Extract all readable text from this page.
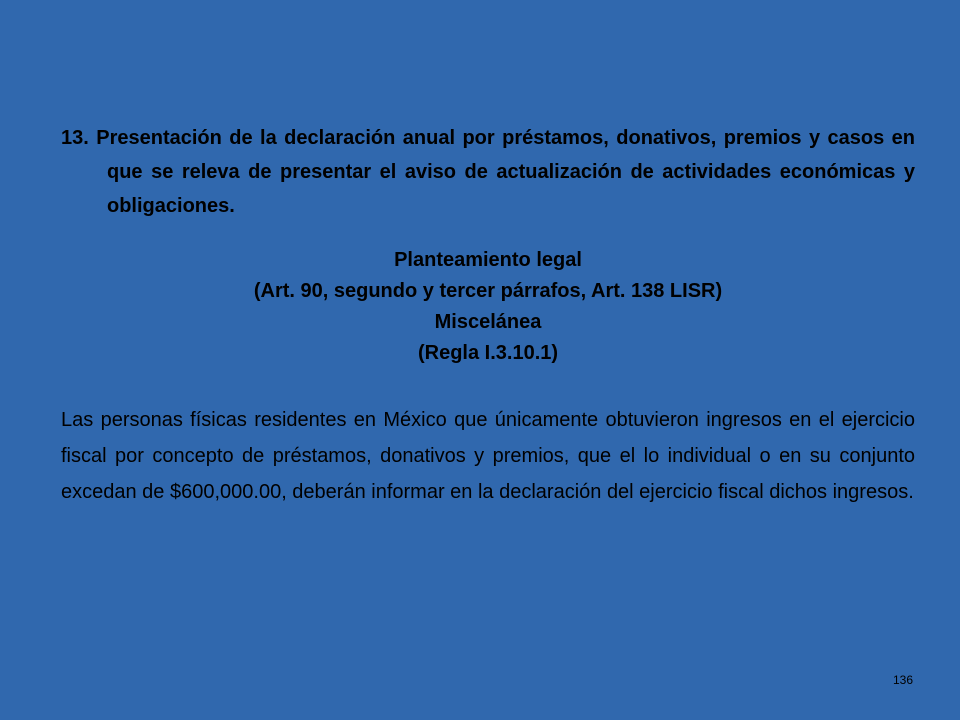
13. Presentación de la declaración anual por préstamos, donativos, premios y casos en que se releva de presentar el aviso de actualización de actividades económicas y obligaciones.

Planteamiento legal
(Art. 90, segundo y tercer párrafos, Art. 138 LISR)
Miscelánea
(Regla I.3.10.1)

Las personas físicas residentes en México que únicamente obtuvieron ingresos en el ejercicio fiscal por concepto de préstamos, donativos y premios, que el lo individual o en su conjunto excedan de $600,000.00, deberán informar en la declaración del ejercicio fiscal dichos ingresos.

136
